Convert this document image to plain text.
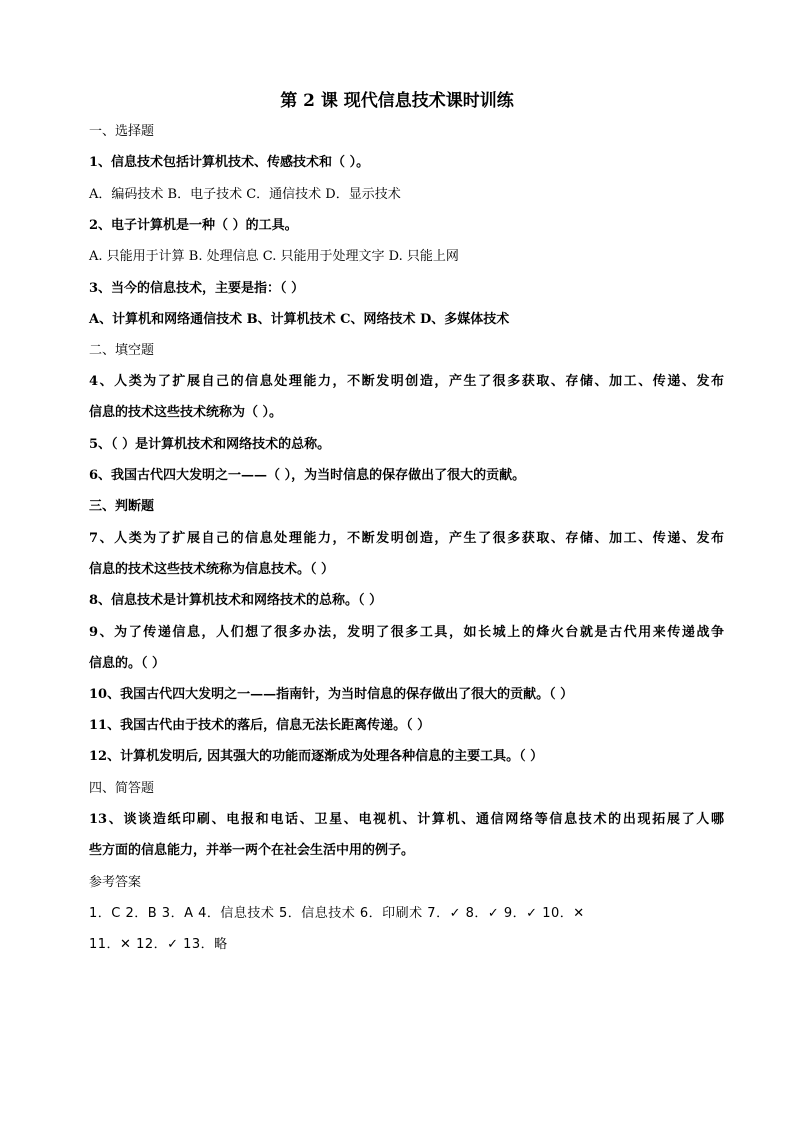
第 2 课 现代信息技术课时训练
一、选择题
1、信息技术包括计算机技术、传感技术和（ ）。
A．编码技术 B．电子技术 C．通信技术 D．显示技术
2、电子计算机是一种（ ）的工具。
A. 只能用于计算 B. 处理信息 C. 只能用于处理文字 D. 只能上网
3、当今的信息技术，主要是指：（ ）
A、计算机和网络通信技术 B、计算机技术 C、网络技术 D、多媒体技术
二、填空题
4、人类为了扩展自己的信息处理能力，不断发明创造，产生了很多获取、存储、加工、传递、发布
信息的技术这些技术统称为（ ）。
5、（ ）是计算机技术和网络技术的总称。
6、我国古代四大发明之一——（ ），为当时信息的保存做出了很大的贡献。
三、判断题
7、人类为了扩展自己的信息处理能力，不断发明创造，产生了很多获取、存储、加工、传递、发布
信息的技术这些技术统称为信息技术。（ ）
8、信息技术是计算机技术和网络技术的总称。（ ）
9、为了传递信息，人们想了很多办法，发明了很多工具，如长城上的烽火台就是古代用来传递战争
信息的。（ ）
10、我国古代四大发明之一——指南针，为当时信息的保存做出了很大的贡献。（ ）
11、我国古代由于技术的落后，信息无法长距离传递。（ ）
12、计算机发明后, 因其强大的功能而逐渐成为处理各种信息的主要工具。（ ）
四、简答题
13、谈谈造纸印刷、电报和电话、卫星、电视机、计算机、通信网络等信息技术的出现拓展了人哪
些方面的信息能力，并举一两个在社会生活中用的例子。
参考答案
1．C 2．B 3．A 4．信息技术 5．信息技术 6．印刷术 7．✓ 8．✓ 9．✓ 10．✕
11．✕ 12．✓ 13．略
